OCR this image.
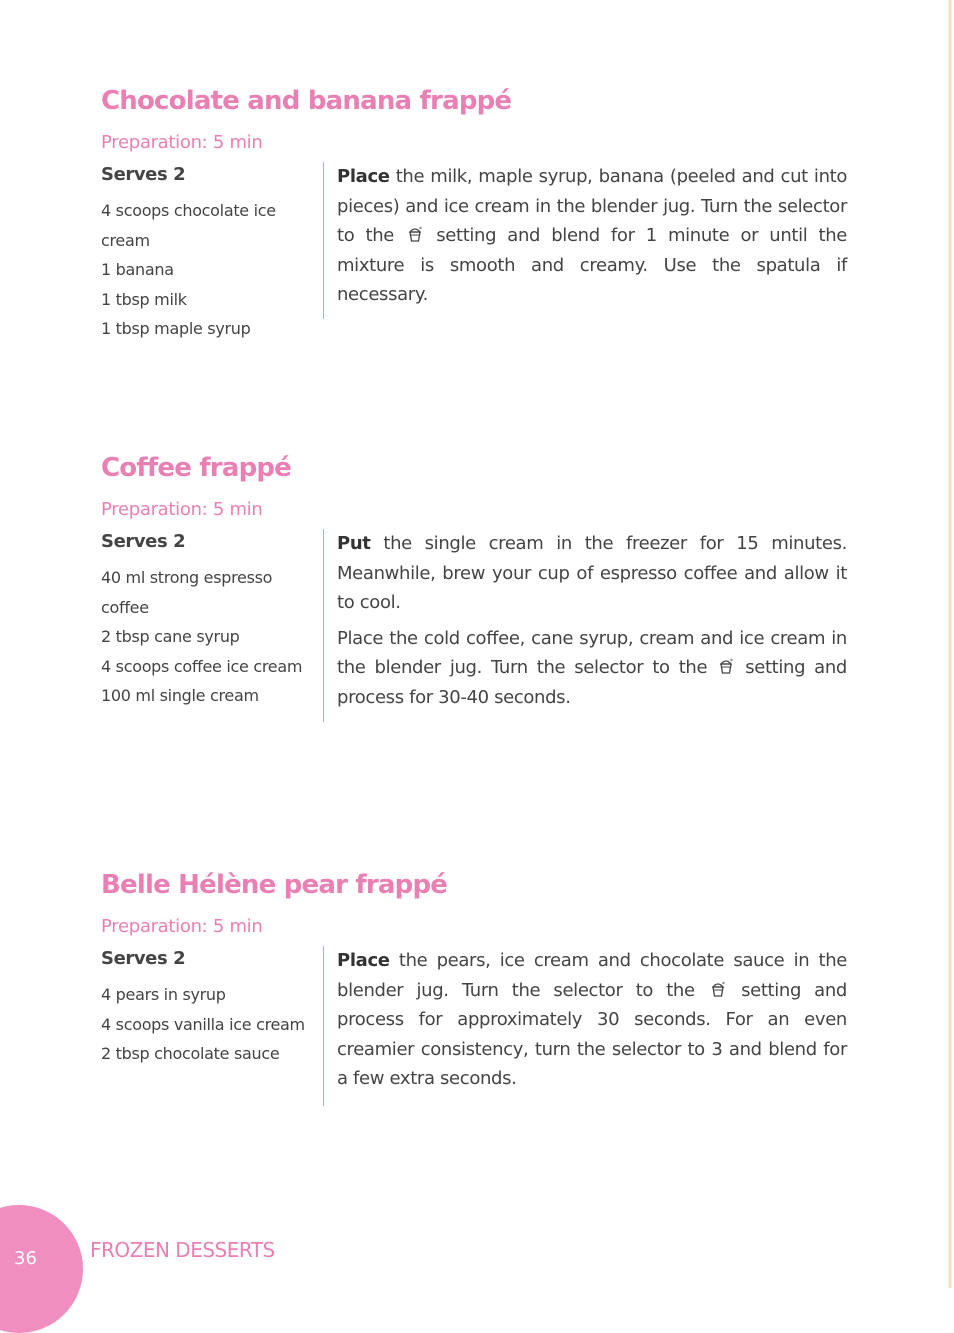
Chocolate and banana frappé
Preparation: 5 min
Serves 2
4 scoops chocolate ice cream
1 banana
1 tbsp milk
1 tbsp maple syrup

Place the milk, maple syrup, banana (peeled and cut into pieces) and ice cream in the blender jug. Turn the selector to the	* setting and blend for 1 minute or until the mixture is smooth and creamy. Use the spatula if necessary.

Coffee frappé
Preparation: 5 min
Serves 2
40 ml strong espresso coffee
2 tbsp cane syrup
4 scoops coffee ice cream
100 ml single cream

Put the single cream in the freezer for 15 minutes. Meanwhile, brew your cup of espresso coffee and allow it to cool.

Place the cold coffee, cane syrup, cream and ice cream in the blender jug. Turn the selector to the	* setting and process for 30-40 seconds.

Belle Hélène pear frappé
Preparation: 5 min
Serves 2
4 pears in syrup
4 scoops vanilla ice cream
2 tbsp chocolate sauce

Place the pears, ice cream and chocolate sauce in the blender jug. Turn the selector to the	* setting and process for approximately 30 seconds. For an even creamier consistency, turn the selector to 3 and blend for a few extra seconds.

36	FROZEN DESSERTS
